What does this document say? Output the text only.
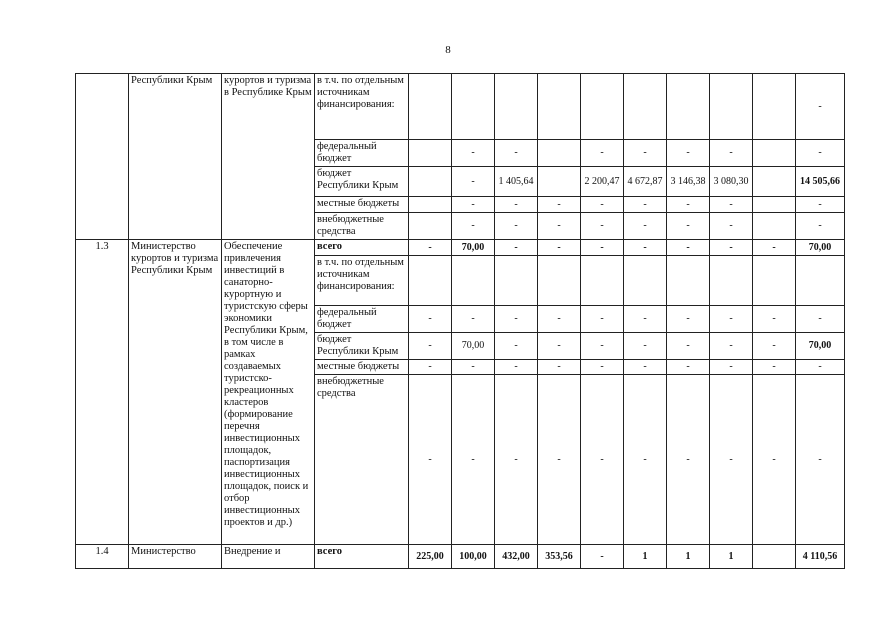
8
	Республики Крым	курортов и туризма в Республике Крым	в т.ч. по отдельным источникам финансирования:										-
			федеральный бюджет		-	-		-	-	-	-		-
			бюджет Республики Крым		-	1 405,64		2 200,47	4 672,87	3 146,38	3 080,30		14 505,66
			местные бюджеты		-	-	-	-	-	-	-		-
			внебюджетные средства		-	-	-	-	-	-	-		-
1.3	Министерство курортов и туризма Республики Крым	Обеспечение привлечения инвестиций в санаторно-курортную и туристскую сферы экономики Республики Крым, в том числе в рамках создаваемых туристско-рекреационных кластеров (формирование перечня инвестиционных площадок, паспортизация инвестиционных площадок, поиск и отбор инвестиционных проектов и др.)	всего	-	70,00	-	-	-	-	-	-	-	70,00
			в т.ч. по отдельным источникам финансирования:										
			федеральный бюджет	-	-	-	-	-	-	-	-	-	-
			бюджет Республики Крым	-	70,00	-	-	-	-	-	-	-	70,00
			местные бюджеты	-	-	-	-	-	-	-	-	-	-
			внебюджетные средства	-	-	-	-	-	-	-	-	-	-
1.4	Министерство	Внедрение и	всего	225,00	100,00	432,00	353,56	-	1	1	1		4 110,56
